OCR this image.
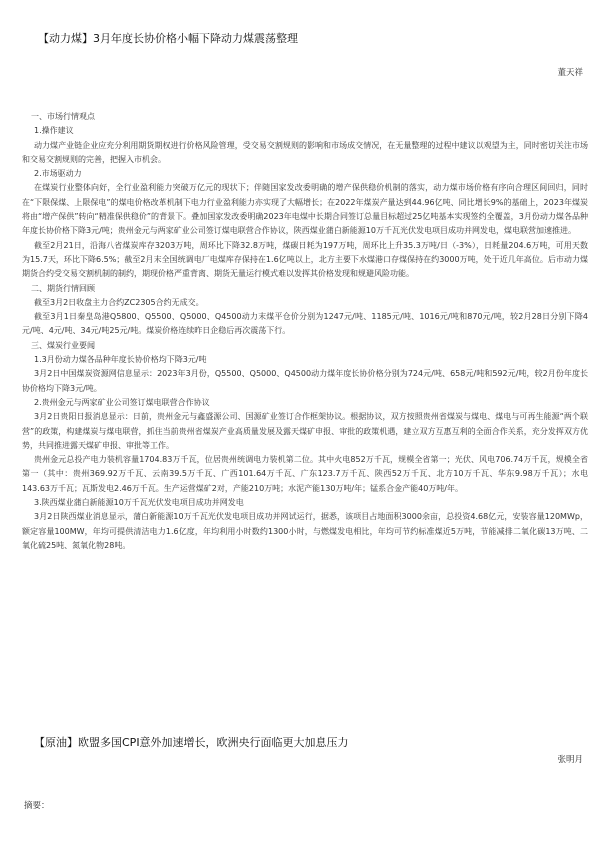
【动力煤】3月年度长协价格小幅下降动力煤震荡整理
董天祥

一、市场行情观点

1.操作建议

动力煤产业链企业应充分利用期货期权进行价格风险管理，受交易交割规则的影响和市场成交情况，在无量整理的过程中建议以观望为主，同时密切关注市场和交易交割规则的完善，把握入市机会。

2.市场驱动力

在煤炭行业整体向好，全行业盈利能力突破万亿元的现状下；伴随国家发改委明确的增产保供稳价机制的落实，动力煤市场价格有序向合理区间回归，同时在“下限保煤、上限保电”的煤电价格改革机制下电力行业盈利能力亦实现了大幅增长；在2022年煤炭产量达到44.96亿吨、同比增长9%的基础上，2023年煤炭将由“增产保供”转向“精准保供稳价”的背景下。叠加国家发改委明确2023年电煤中长期合同签订总量目标超过25亿吨基本实现签约全覆盖，3月份动力煤各品种年度长协价格下降3元/吨；贵州金元与两家矿业公司签订煤电联营合作协议，陕西煤业蒲白新能源10万千瓦光伏发电项目成功并网发电，煤电联营加速推进。

截至2月21日，沿海八省煤炭库存3203万吨，周环比下降32.8万吨，煤碳日耗为197万吨，周环比上升35.3万吨/日（-3%），日耗量204.6万吨，可用天数为15.7天，环比下降6.5%；截至2月末全国统调电厂电煤库存保持在1.6亿吨以上，北方主要下水煤港口存煤保持在约3000万吨，处于近几年高位。后市动力煤期货合约受交易交割机制的制约，期现价格严重背离、期货无量运行模式难以发挥其价格发现和规避风险功能。

二、期货行情回顾

截至3月2日收盘主力合约ZC2305合约无成交。

截至3月1日秦皇岛港Q5800、Q5500、Q5000、Q4500动力末煤平仓价分别为1247元/吨、1185元/吨、1016元/吨和870元/吨，较2月28日分别下降4元/吨、4元/吨、34元/吨25元/吨。煤炭价格连续昨日企稳后再次震荡下行。

三、煤炭行业要闻

1.3月份动力煤各品种年度长协价格均下降3元/吨

3月2日中国煤炭资源网信息显示：2023年3月份，Q5500、Q5000、Q4500动力煤年度长协价格分别为724元/吨、658元/吨和592元/吨，较2月份年度长协价格均下降3元/吨。

2.贵州金元与两家矿业公司签订煤电联营合作协议

3月2日贵阳日报消息显示：日前，贵州金元与鑫盛源公司、国源矿业签订合作框架协议。根据协议，双方按照贵州省煤炭与煤电、煤电与可再生能源“两个联营”的政策，构建煤炭与煤电联营，抓住当前贵州省煤炭产业高质量发展及露天煤矿申报、审批的政策机遇，建立双方互惠互利的全面合作关系，充分发挥双方优势，共同推进露天煤矿申报、审批等工作。

贵州金元总投产电力装机容量1704.83万千瓦，位居贵州统调电力装机第二位。其中火电852万千瓦，规模全省第一；光伏、风电706.74万千瓦，规模全省第一（其中：贵州369.92万千瓦、云南39.5万千瓦、广西101.64万千瓦、广东123.7万千瓦、陕西52万千瓦、北方10万千瓦、华东9.98万千瓦）；水电143.63万千瓦；瓦斯发电2.46万千瓦。生产运营煤矿2对，产能210万吨；水泥产能130万吨/年；锰系合金产能40万吨/年。

3.陕西煤业蒲白新能源10万千瓦光伏发电项目成功并网发电

3月2日陕西煤业消息显示，蒲白新能源10万千瓦光伏发电项目成功并网试运行，据悉，该项目占地面积3000余亩，总投资4.68亿元，安装容量120MWp，额定容量100MW，年均可提供清洁电力1.6亿度，年均利用小时数约1300小时，与燃煤发电相比，年均可节约标准煤近5万吨，节能减排二氧化碳13万吨、二氧化硫25吨、氮氧化物28吨。

【原油】欧盟多国CPI意外加速增长，欧洲央行面临更大加息压力
张明月
摘要：
